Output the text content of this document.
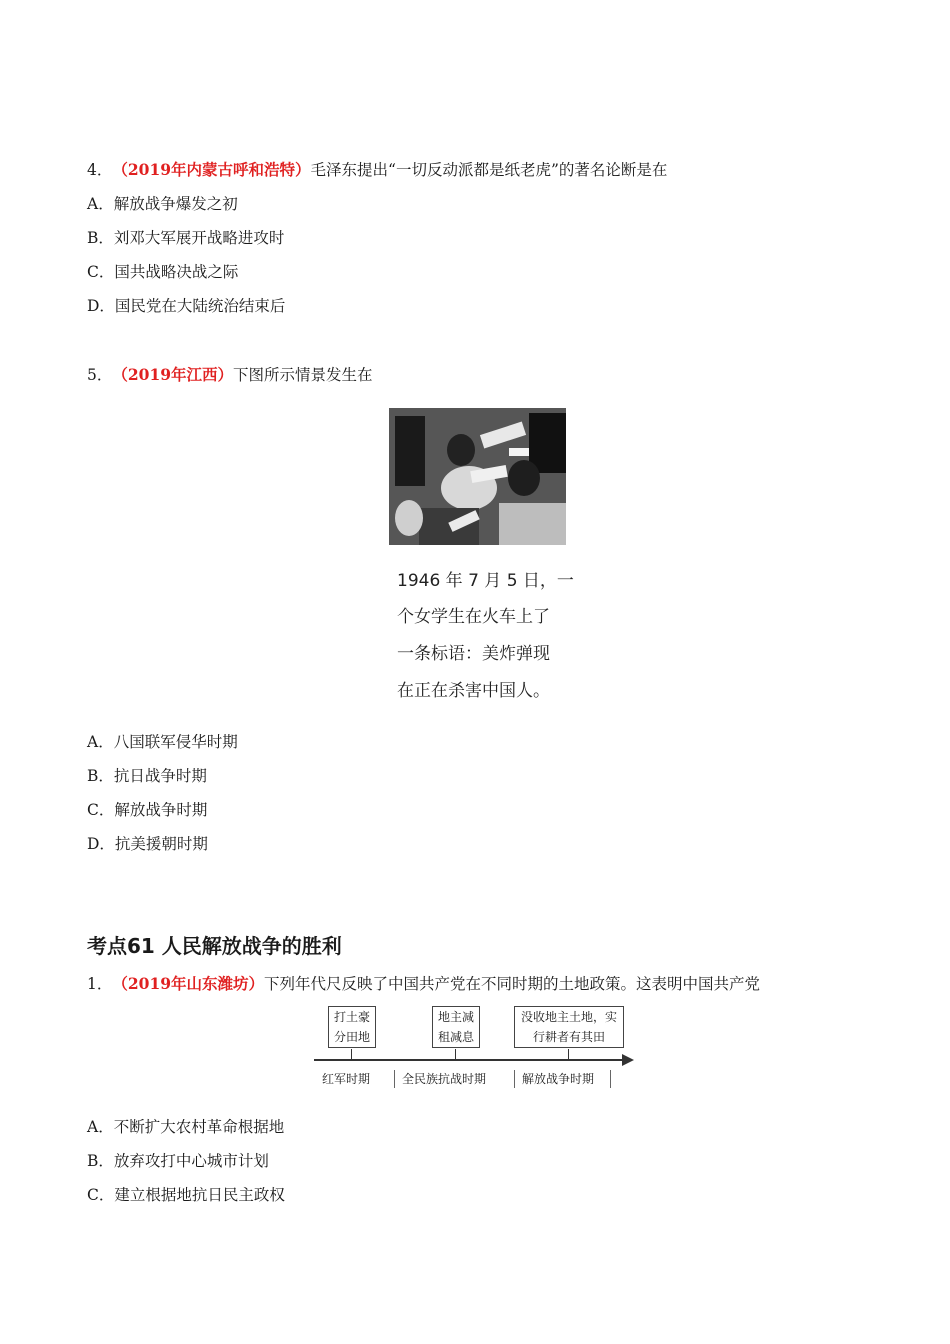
4．（2019年内蒙古呼和浩特）毛泽东提出“一切反动派都是纸老虎”的著名论断是在
A．解放战争爆发之初
B．刘邓大军展开战略进攻时
C．国共战略决战之际
D．国民党在大陆统治结束后
5．（2019年江西）下图所示情景发生在
1946 年 7 月 5 日，一
个女学生在火车上了
一条标语：美炸弹现
在正在杀害中国人。
A．八国联军侵华时期
B．抗日战争时期
C．解放战争时期
D．抗美援朝时期
考点61 人民解放战争的胜利
1．（2019年山东潍坊）下列年代尺反映了中国共产党在不同时期的土地政策。这表明中国共产党
打土豪
分田地
地主减
租减息
没收地主土地，实
行耕者有其田
红军时期	全民族抗战时期	解放战争时期
A．不断扩大农村革命根据地
B．放弃攻打中心城市计划
C．建立根据地抗日民主政权
